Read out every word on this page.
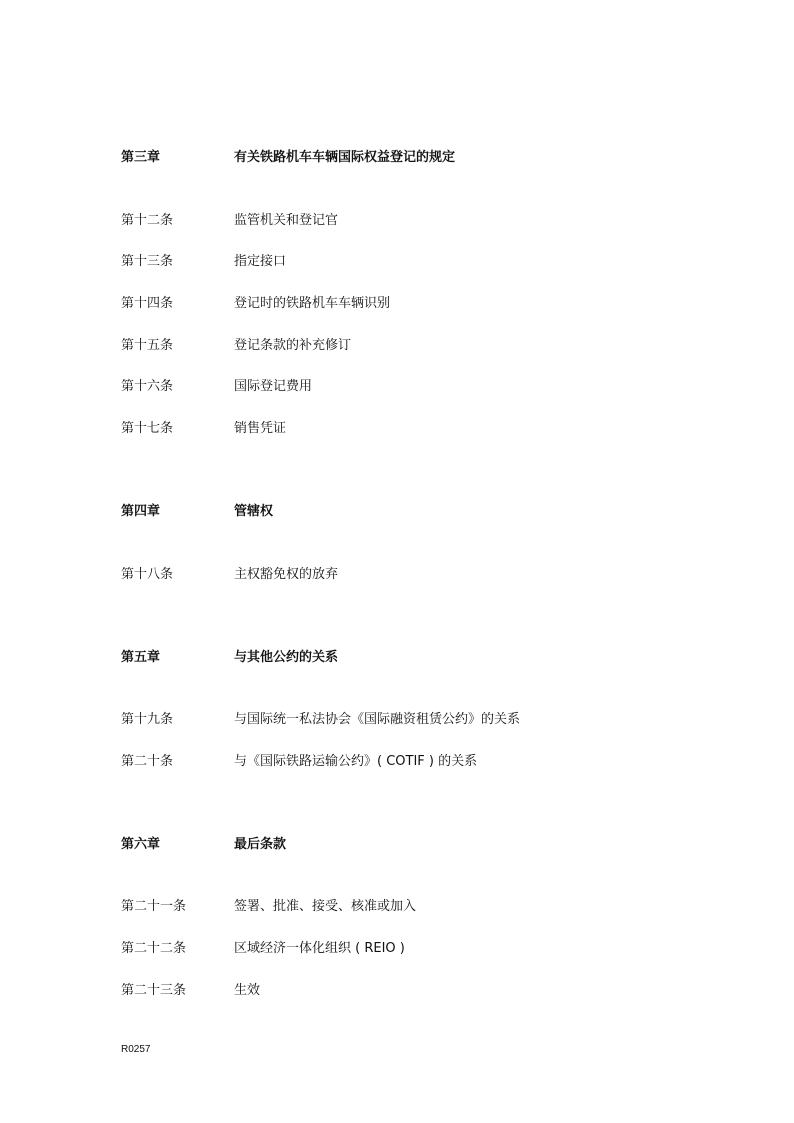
第三章	有关铁路机车车辆国际权益登记的规定
第十二条	监管机关和登记官
第十三条	指定接口
第十四条	登记时的铁路机车车辆识别
第十五条	登记条款的补充修订
第十六条	国际登记费用
第十七条	销售凭证
第四章	管辖权
第十八条	主权豁免权的放弃
第五章	与其他公约的关系
第十九条	与国际统一私法协会《国际融资租赁公约》的关系
第二十条	与《国际铁路运输公约》( COTIF ) 的关系
第六章	最后条款
第二十一条	签署、批准、接受、核准或加入
第二十二条	区域经济一体化组织 ( REIO )
第二十三条	生效
R0257
